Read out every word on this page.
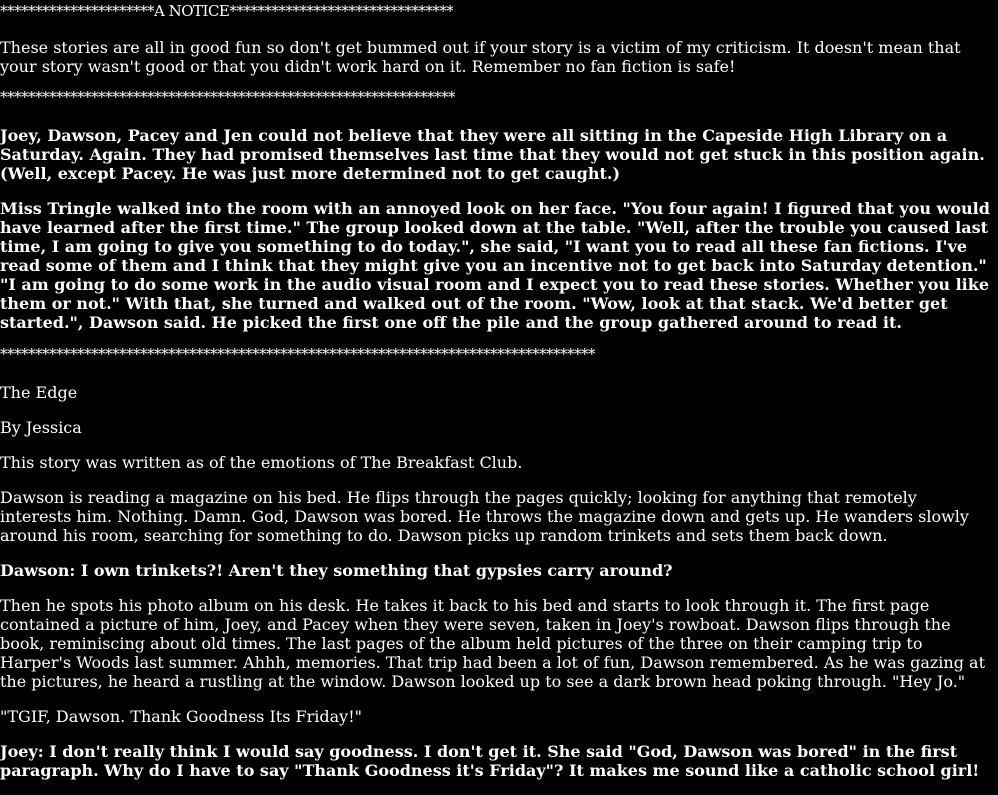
**********************A NOTICE********************************

These stories are all in good fun so don't get bummed out if your story is a victim of my criticism. It doesn't mean that your story wasn't good or that you didn't work hard on it. Remember no fan fiction is safe!

*****************************************************************

Joey, Dawson, Pacey and Jen could not believe that they were all sitting in the Capeside High Library on a Saturday. Again. They had promised themselves last time that they would not get stuck in this position again. (Well, except Pacey. He was just more determined not to get caught.)

Miss Tringle walked into the room with an annoyed look on her face. "You four again! I figured that you would have learned after the first time." The group looked down at the table. "Well, after the trouble you caused last time, I am going to give you something to do today.", she said, "I want you to read all these fan fictions. I've read some of them and I think that they might give you an incentive not to get back into Saturday detention." "I am going to do some work in the audio visual room and I expect you to read these stories. Whether you like them or not." With that, she turned and walked out of the room. "Wow, look at that stack. We'd better get started.", Dawson said. He picked the first one off the pile and the group gathered around to read it.

*************************************************************************************

The Edge

By Jessica

This story was written as of the emotions of The Breakfast Club.

Dawson is reading a magazine on his bed. He flips through the pages quickly; looking for anything that remotely interests him. Nothing. Damn. God, Dawson was bored. He throws the magazine down and gets up. He wanders slowly around his room, searching for something to do. Dawson picks up random trinkets and sets them back down.

Dawson: I own trinkets?! Aren't they something that gypsies carry around?

Then he spots his photo album on his desk. He takes it back to his bed and starts to look through it. The first page contained a picture of him, Joey, and Pacey when they were seven, taken in Joey's rowboat. Dawson flips through the book, reminiscing about old times. The last pages of the album held pictures of the three on their camping trip to Harper's Woods last summer. Ahhh, memories. That trip had been a lot of fun, Dawson remembered. As he was gazing at the pictures, he heard a rustling at the window. Dawson looked up to see a dark brown head poking through. "Hey Jo."

"TGIF, Dawson. Thank Goodness Its Friday!"

Joey: I don't really think I would say goodness. I don't get it. She said "God, Dawson was bored" in the first paragraph. Why do I have to say "Thank Goodness it's Friday"? It makes me sound like a catholic school girl!
